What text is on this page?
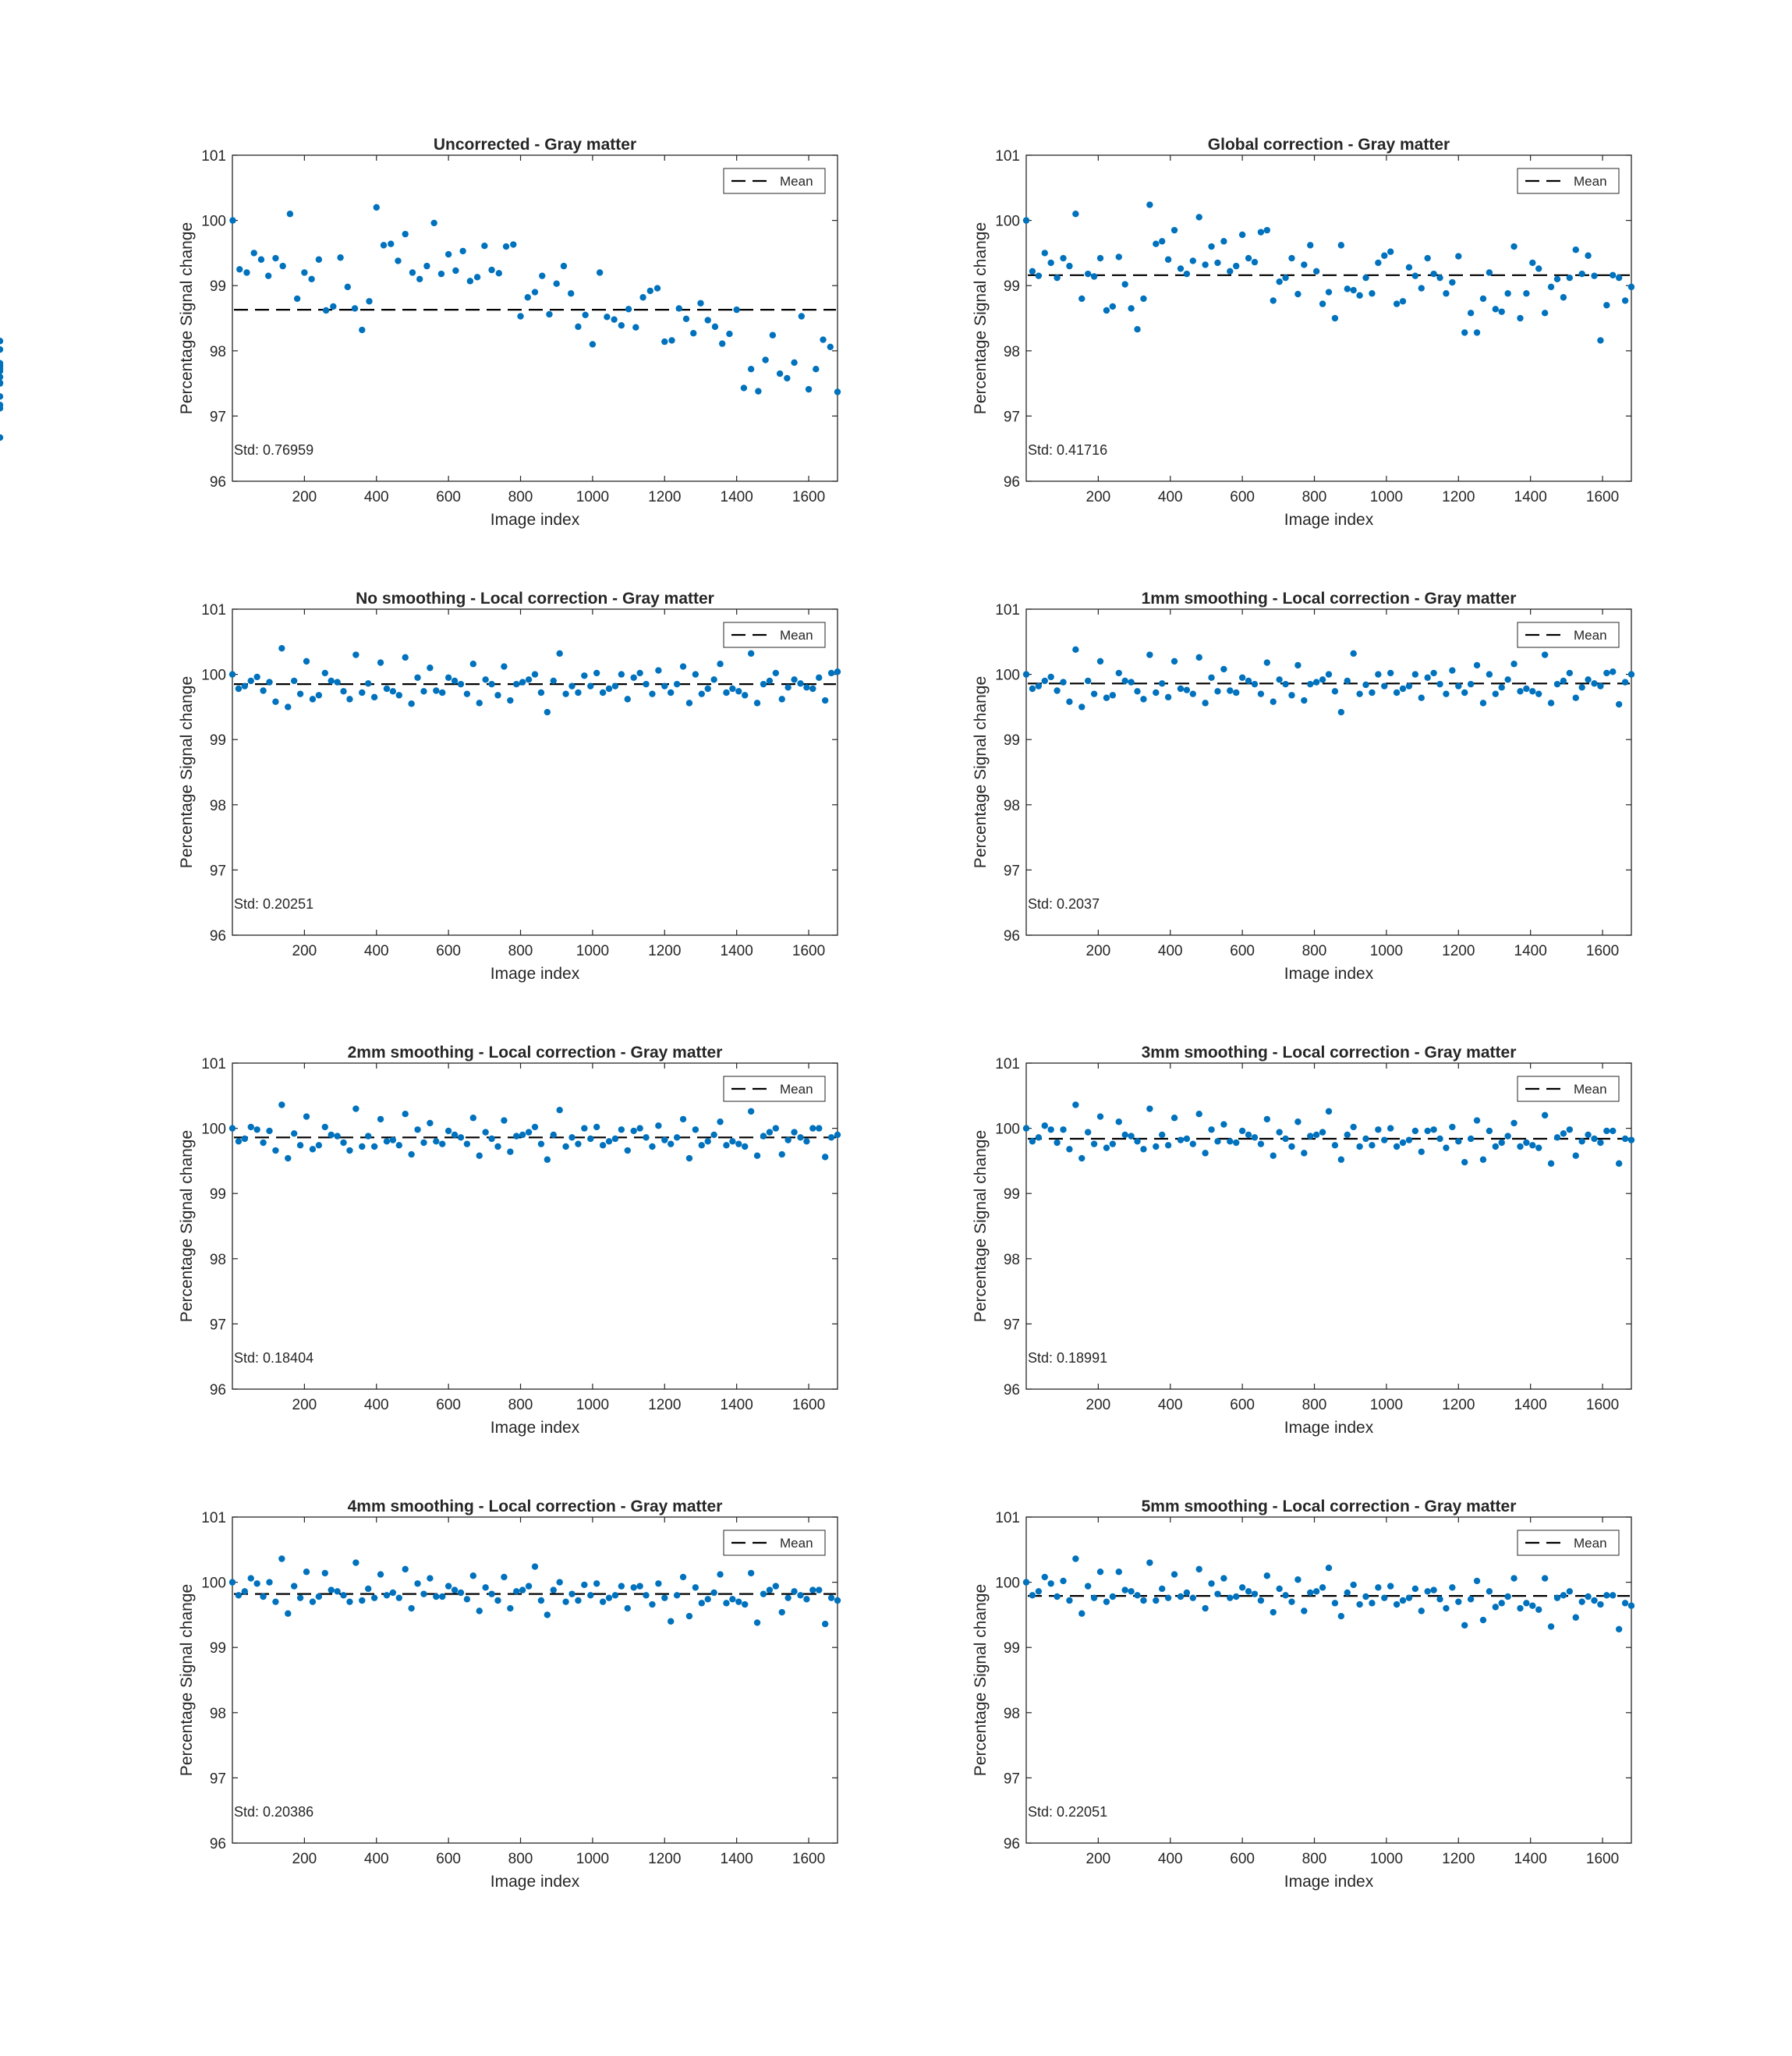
Uncorrected - Gray matter
200	400	600	800	1000	1200	1400	1600
96
97
98
99
100
101
Image index
Percentage Signal change
Mean
Std: 0.76959
Global correction - Gray matter
200	400	600	800	1000	1200	1400	1600
96
97
98
99
100
101
Image index
Percentage Signal change
Mean
Std: 0.41716
No smoothing - Local correction - Gray matter
200	400	600	800	1000	1200	1400	1600
96
97
98
99
100
101
Image index
Percentage Signal change
Mean
Std: 0.20251
1mm smoothing - Local correction - Gray matter
200	400	600	800	1000	1200	1400	1600
96
97
98
99
100
101
Image index
Percentage Signal change
Mean
Std: 0.2037
2mm smoothing - Local correction - Gray matter
200	400	600	800	1000	1200	1400	1600
96
97
98
99
100
101
Image index
Percentage Signal change
Mean
Std: 0.18404
3mm smoothing - Local correction - Gray matter
200	400	600	800	1000	1200	1400	1600
96
97
98
99
100
101
Image index
Percentage Signal change
Mean
Std: 0.18991
4mm smoothing - Local correction - Gray matter
200	400	600	800	1000	1200	1400	1600
96
97
98
99
100
101
Image index
Percentage Signal change
Mean
Std: 0.20386
5mm smoothing - Local correction - Gray matter
200	400	600	800	1000	1200	1400	1600
96
97
98
99
100
101
Image index
Percentage Signal change
Mean
Std: 0.22051
